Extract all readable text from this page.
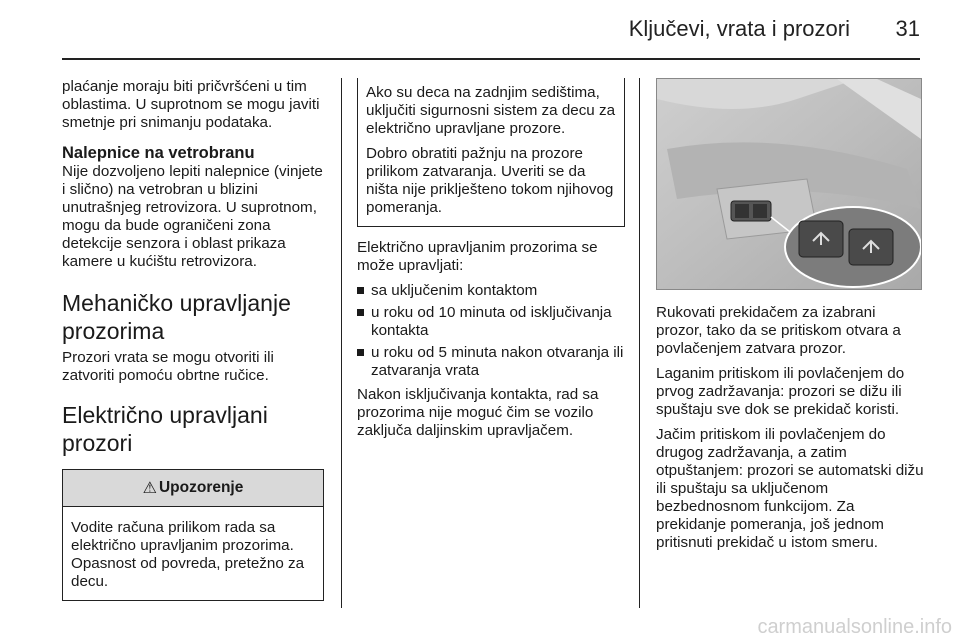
Ključevi, vrata i prozori	31

plaćanje moraju biti pričvršćeni u tim oblastima. U suprotnom se mogu javiti smetnje pri snimanju podataka.

Nalepnice na vetrobranu

Nije dozvoljeno lepiti nalepnice (vinjete i slično) na vetrobran u blizini unutrašnjeg retrovizora. U suprotnom, mogu da bude ograničeni zona detekcije senzora i oblast prikaza kamere u kućištu retrovizora.

Mehaničko upravljanje prozorima

Prozori vrata se mogu otvoriti ili zatvoriti pomoću obrtne ručice.

Električno upravljani prozori
⚠ Upozorenje

Vodite računa prilikom rada sa električno upravljanim prozorima. Opasnost od povreda, pretežno za decu.

Ako su deca na zadnjim sedištima, uključiti sigurnosni sistem za decu za električno upravljane prozore.

Dobro obratiti pažnju na prozore prilikom zatvaranja. Uveriti se da ništa nije priklješteno tokom njihovog pomeranja.

Električno upravljanim prozorima se može upravljati:

sa uključenim kontaktom
u roku od 10 minuta od isključivanja kontakta
u roku od 5 minuta nakon otvaranja ili zatvaranja vrata

Nakon isključivanja kontakta, rad sa prozorima nije moguć čim se vozilo zaključa daljinskim upravljačem.

Rukovati prekidačem za izabrani prozor, tako da se pritiskom otvara a povlačenjem zatvara prozor.

Laganim pritiskom ili povlačenjem do prvog zadržavanja: prozori se dižu ili spuštaju sve dok se prekidač koristi.

Jačim pritiskom ili povlačenjem do drugog zadržavanja, a zatim otpuštanjem: prozori se automatski dižu ili spuštaju sa uključenom bezbednosnom funkcijom. Za prekidanje pomeranja, još jednom pritisnuti prekidač u istom smeru.

carmanualsonline.info
